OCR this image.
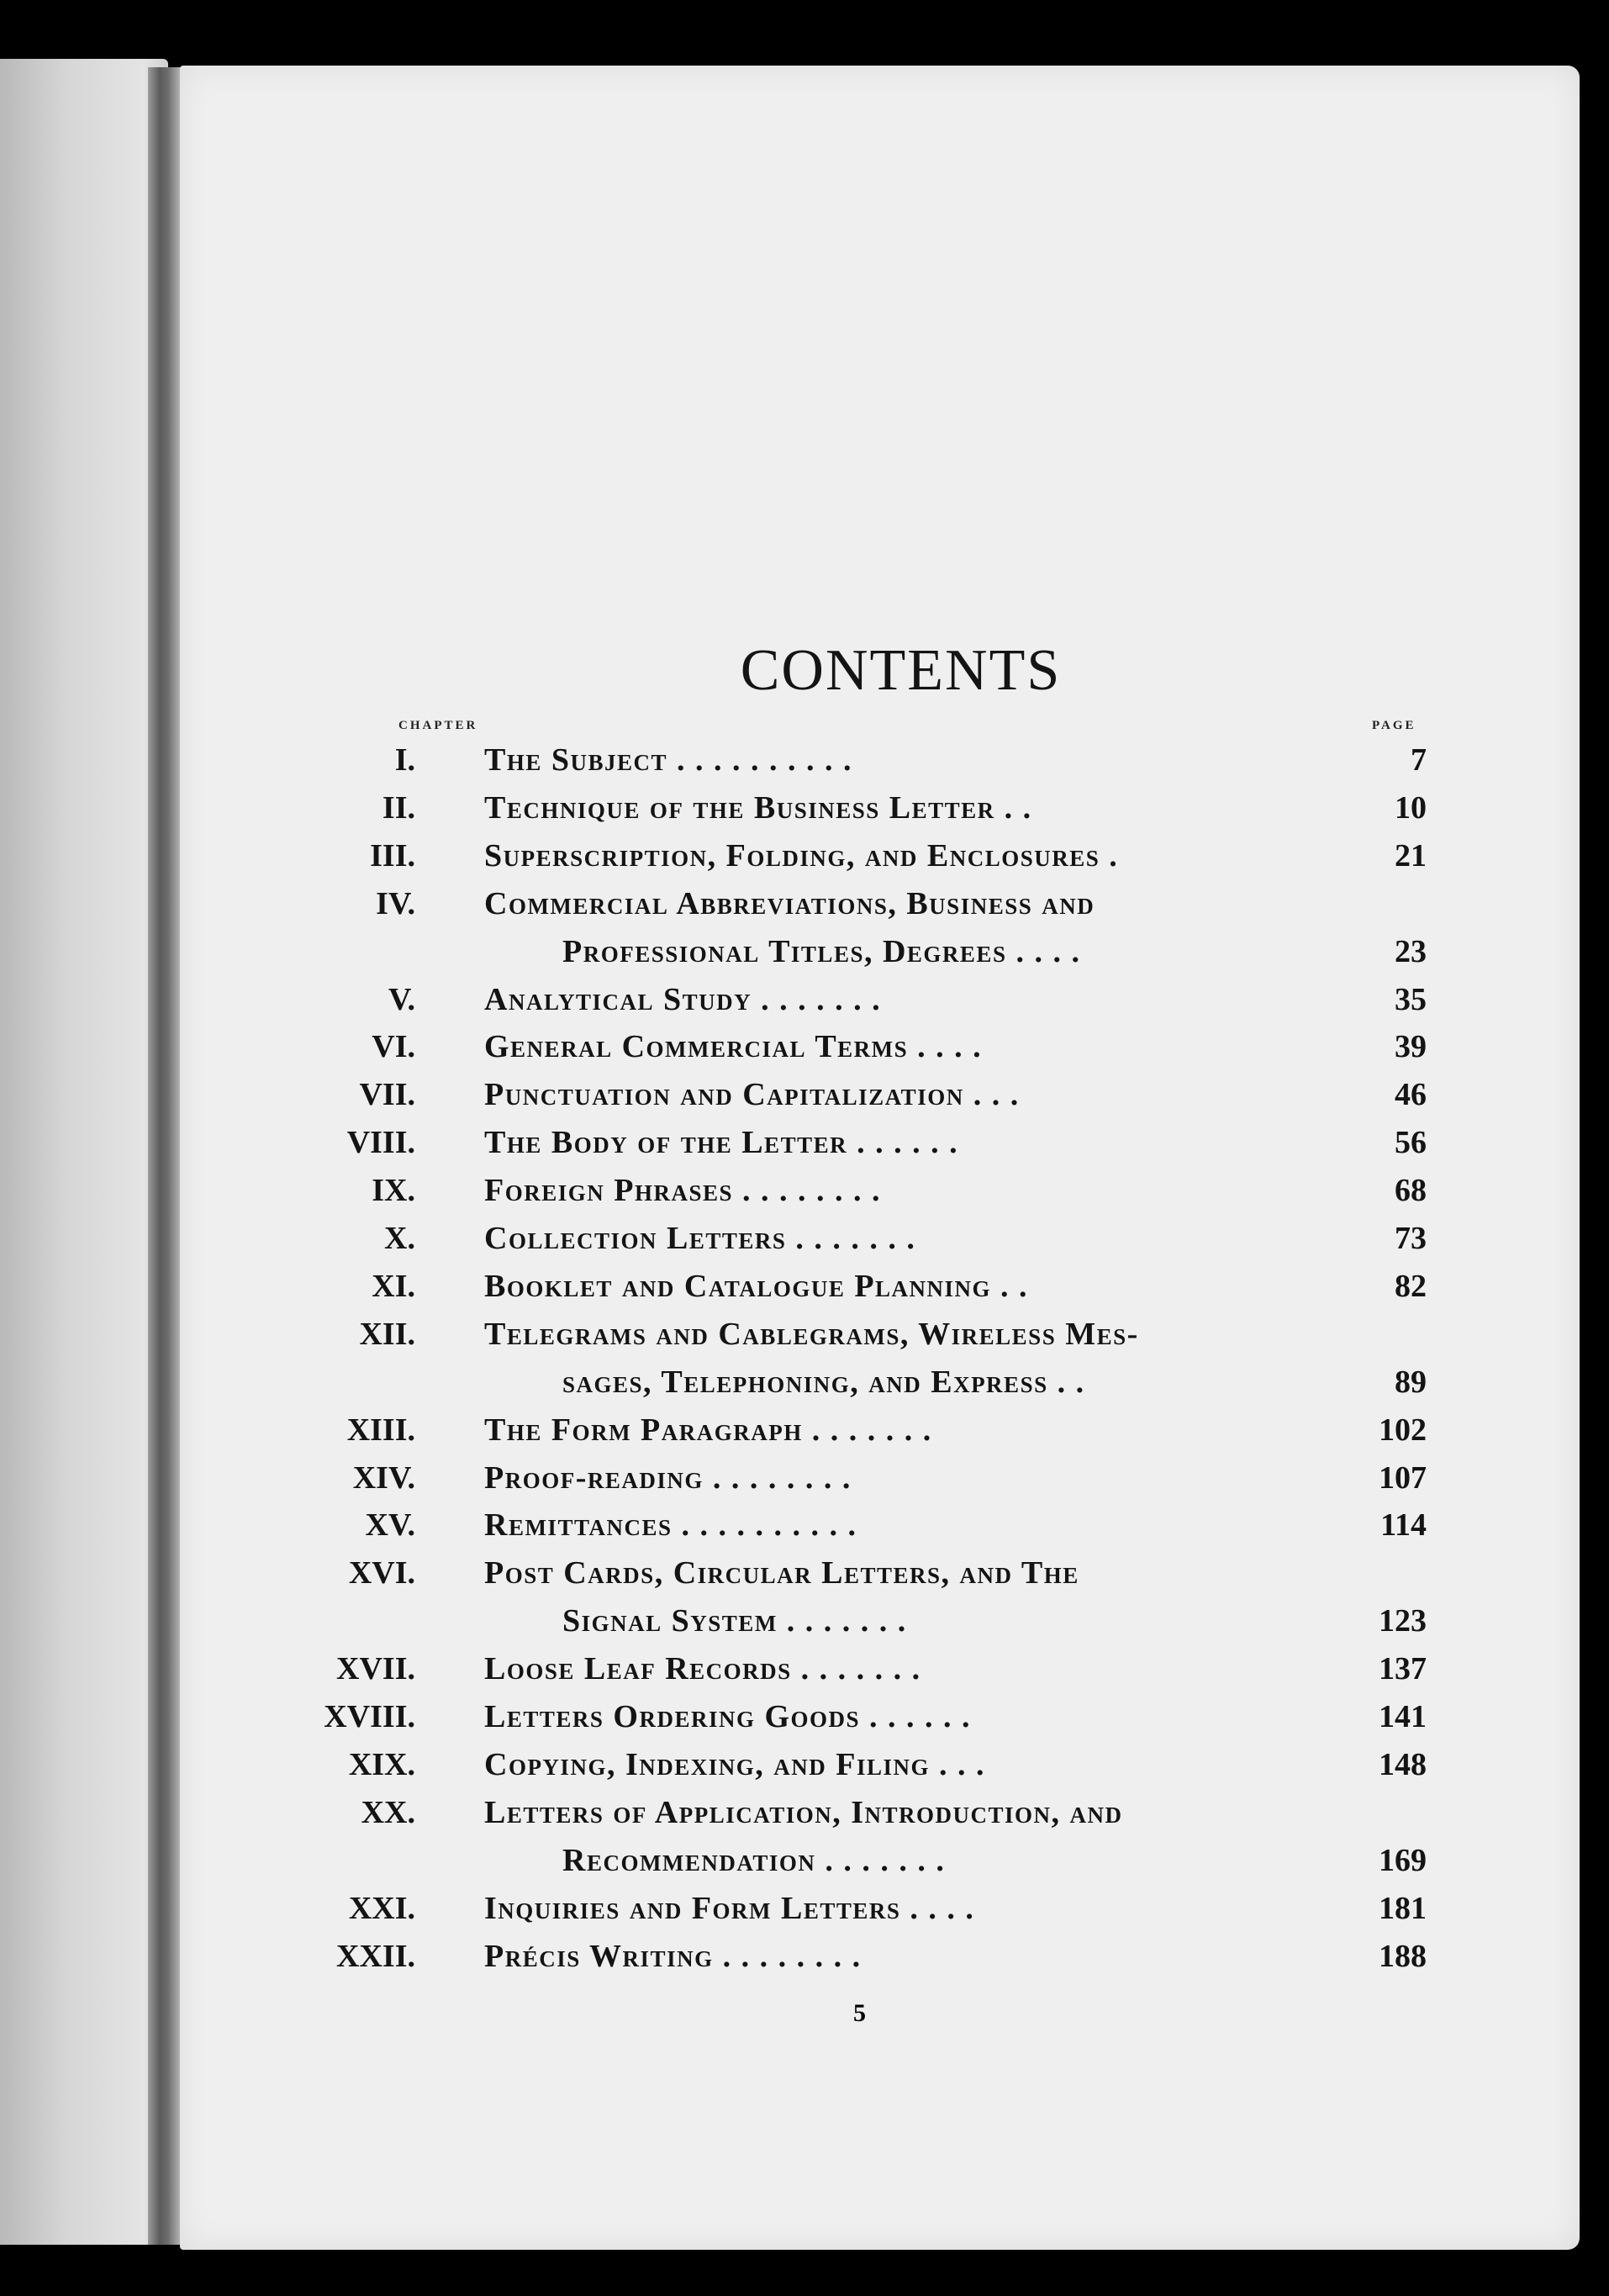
CONTENTS
CHAPTER	PAGE
I. The Subject . . . . . . . . . .	7
II. Technique of the Business Letter . .	10
III. Superscription, Folding, and Enclosures .	21
IV. Commercial Abbreviations, Business and
Professional Titles, Degrees . . . .	23
V. Analytical Study . . . . . . .	35
VI. General Commercial Terms . . . .	39
VII. Punctuation and Capitalization . . .	46
VIII. The Body of the Letter . . . . . .	56
IX. Foreign Phrases . . . . . . . .	68
X. Collection Letters . . . . . . .	73
XI. Booklet and Catalogue Planning . .	82
XII. Telegrams and Cablegrams, Wireless Mes-
sages, Telephoning, and Express . .	89
XIII. The Form Paragraph . . . . . . .	102
XIV. Proof-reading . . . . . . . .	107
XV. Remittances . . . . . . . . . .	114
XVI. Post Cards, Circular Letters, and The
Signal System . . . . . . .	123
XVII. Loose Leaf Records . . . . . . .	137
XVIII. Letters Ordering Goods . . . . . .	141
XIX. Copying, Indexing, and Filing . . .	148
XX. Letters of Application, Introduction, and
Recommendation . . . . . . .	169
XXI. Inquiries and Form Letters . . . .	181
XXII. Précis Writing . . . . . . . .	188
5
